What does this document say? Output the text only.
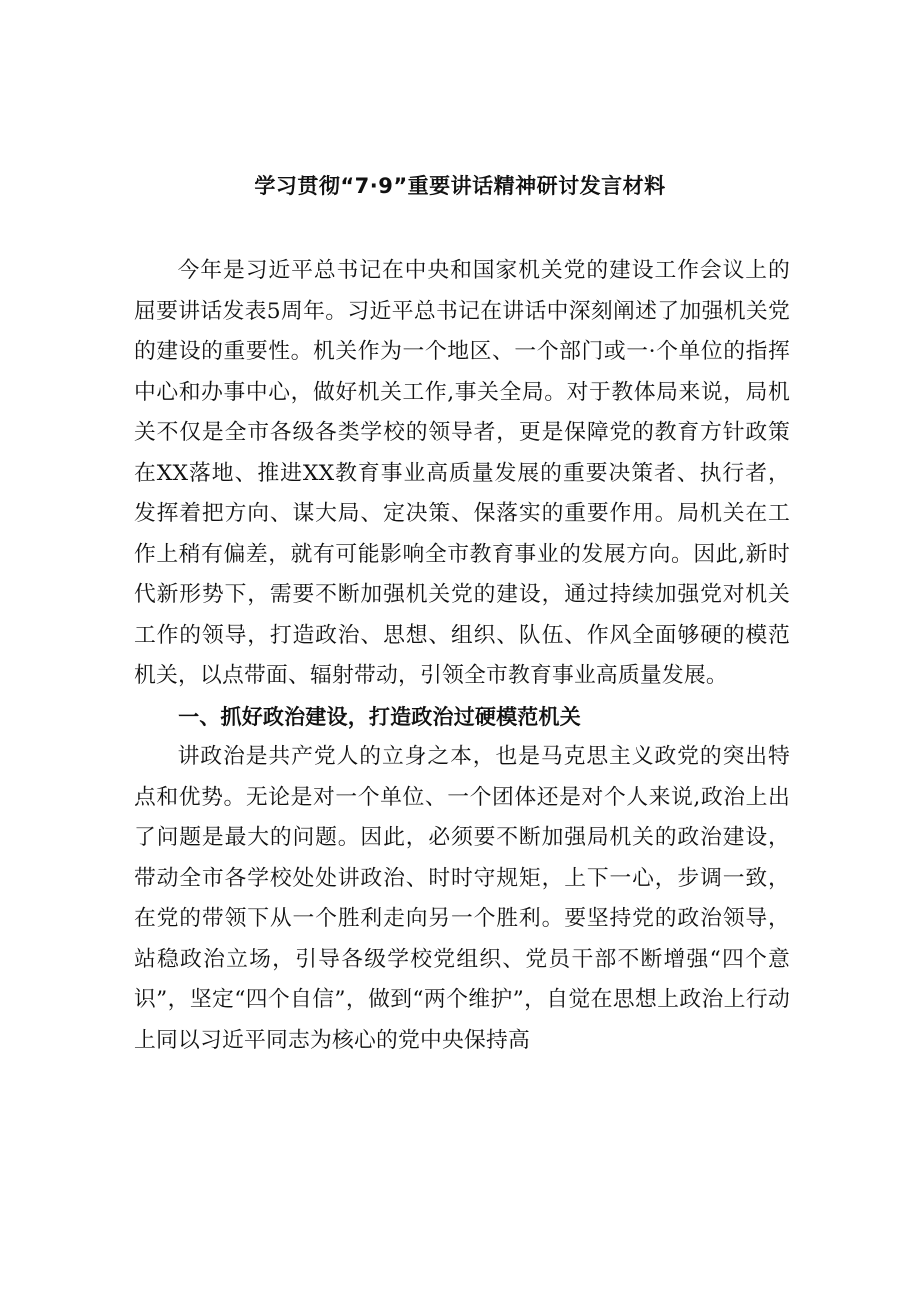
学习贯彻“7·9”重要讲话精神研讨发言材料

今年是习近平总书记在中央和国家机关党的建设工作会议上的屈要讲话发表5周年。习近平总书记在讲话中深刻阐述了加强机关党的建设的重要性。机关作为一个地区、一个部门或一·个单位的指挥中心和办事中心，做好机关工作,事关全局。对于教体局来说，局机关不仅是全市各级各类学校的领导者，更是保障党的教育方针政策在XX落地、推进XX教育事业高质量发展的重要决策者、执行者，发挥着把方向、谋大局、定决策、保落实的重要作用。局机关在工作上稍有偏差，就有可能影响全市教育事业的发展方向。因此,新时代新形势下，需要不断加强机关党的建设，通过持续加强党对机关工作的领导，打造政治、思想、组织、队伍、作风全面够硬的模范机关，以点带面、辐射带动，引领全市教育事业高质量发展。

一、抓好政治建设，打造政治过硬模范机关

讲政治是共产党人的立身之本，也是马克思主义政党的突出特点和优势。无论是对一个单位、一个团体还是对个人来说,政治上出了问题是最大的问题。因此，必须要不断加强局机关的政治建设，带动全市各学校处处讲政治、时时守规矩，上下一心，步调一致，在党的带领下从一个胜利走向另一个胜利。要坚持党的政治领导，站稳政治立场，引导各级学校党组织、党员干部不断增强“四个意识”，坚定“四个自信”，做到“两个维护”，自觉在思想上政治上行动上同以习近平同志为核心的党中央保持高
